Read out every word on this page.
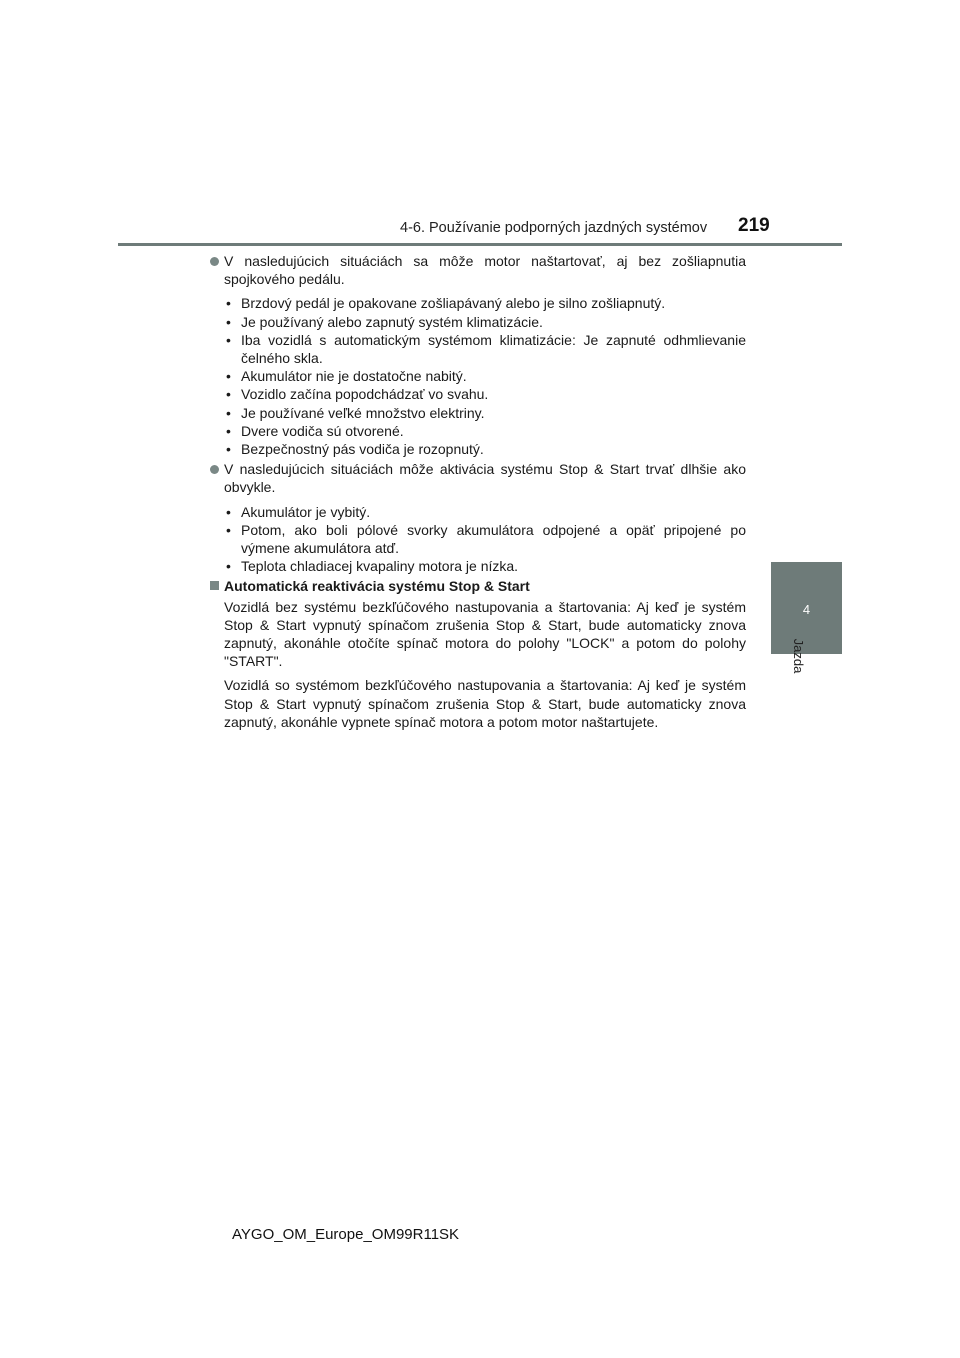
4-6. Používanie podporných jazdných systémov 219
4
Jazda

V nasledujúcich situáciách sa môže motor naštartovať, aj bez zošliapnutia spojkového pedálu.

• Brzdový pedál je opakovane zošliapávaný alebo je silno zošliapnutý.
• Je používaný alebo zapnutý systém klimatizácie.
• Iba vozidlá s automatickým systémom klimatizácie: Je zapnuté odhmlievanie čelného skla.
• Akumulátor nie je dostatočne nabitý.
• Vozidlo začína popodchádzať vo svahu.
• Je používané veľké množstvo elektriny.
• Dvere vodiča sú otvorené.
• Bezpečnostný pás vodiča je rozopnutý.

V nasledujúcich situáciách môže aktivácia systému Stop & Start trvať dlhšie ako obvykle.

• Akumulátor je vybitý.
• Potom, ako boli pólové svorky akumulátora odpojené a opäť pripojené po výmene akumulátora atď.
• Teplota chladiacej kvapaliny motora je nízka.
Automatická reaktivácia systému Stop & Start

Vozidlá bez systému bezkľúčového nastupovania a štartovania: Aj keď je systém Stop & Start vypnutý spínačom zrušenia Stop & Start, bude automaticky znova zapnutý, akonáhle otočíte spínač motora do polohy "LOCK" a potom do polohy "START".

Vozidlá so systémom bezkľúčového nastupovania a štartovania: Aj keď je systém Stop & Start vypnutý spínačom zrušenia Stop & Start, bude automaticky znova zapnutý, akonáhle vypnete spínač motora a potom motor naštartujete.

AYGO_OM_Europe_OM99R11SK
